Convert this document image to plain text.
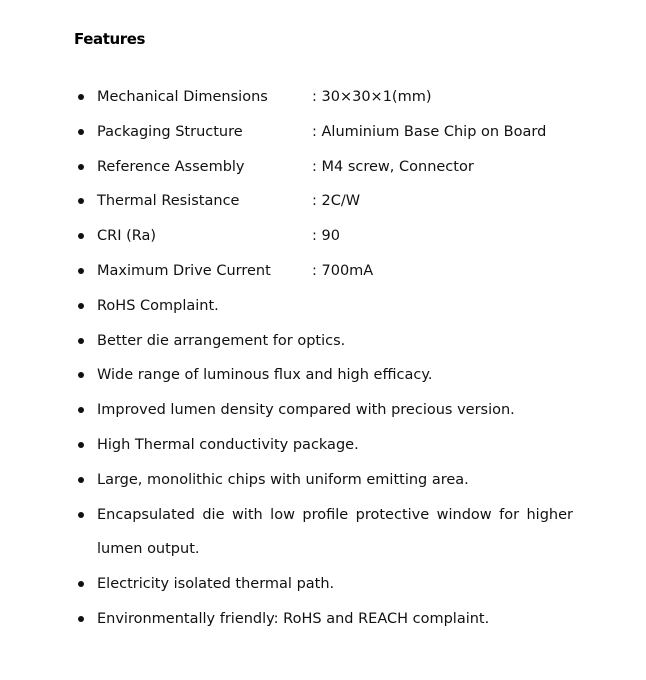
Features
Mechanical Dimensions	: 30×30×1(mm)
Packaging Structure	: Aluminium Base Chip on Board
Reference Assembly	: M4 screw, Connector
Thermal Resistance	: 2C/W
CRI (Ra)	: 90
Maximum Drive Current	: 700mA
RoHS Complaint.
Better die arrangement for optics.
Wide range of luminous flux and high efficacy.
Improved lumen density compared with precious version.
High Thermal conductivity package.
Large, monolithic chips with uniform emitting area.
Encapsulated die with low profile protective window for higher lumen output.
Electricity isolated thermal path.
Environmentally friendly: RoHS and REACH complaint.
